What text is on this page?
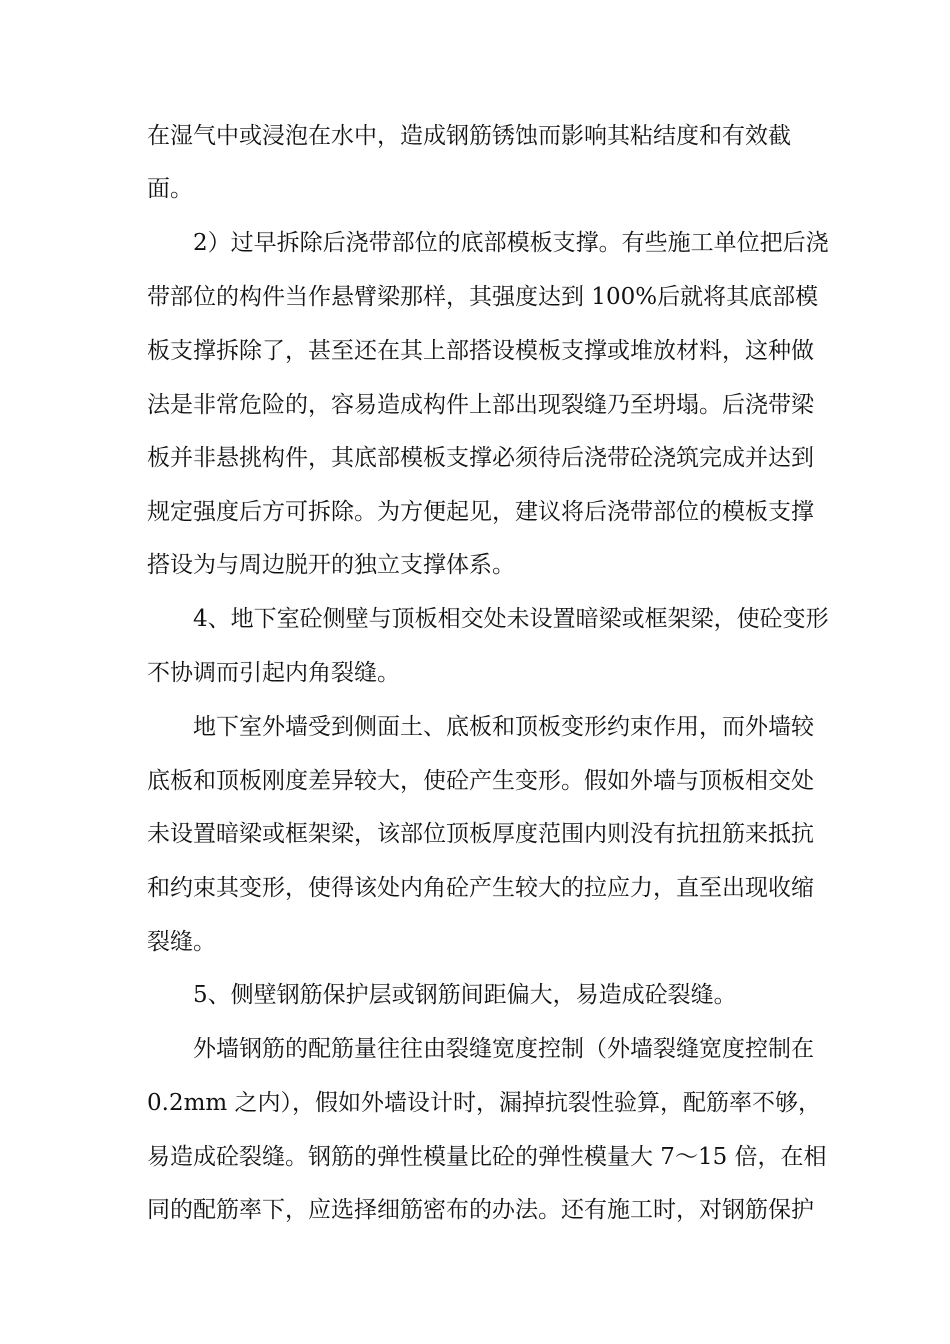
在湿气中或浸泡在水中，造成钢筋锈蚀而影响其粘结度和有效截
面。
2）过早拆除后浇带部位的底部模板支撑。有些施工单位把后浇
带部位的构件当作悬臂梁那样，其强度达到 100%后就将其底部模
板支撑拆除了，甚至还在其上部搭设模板支撑或堆放材料，这种做
法是非常危险的，容易造成构件上部出现裂缝乃至坍塌。后浇带梁
板并非悬挑构件，其底部模板支撑必须待后浇带砼浇筑完成并达到
规定强度后方可拆除。为方便起见，建议将后浇带部位的模板支撑
搭设为与周边脱开的独立支撑体系。
4、地下室砼侧壁与顶板相交处未设置暗梁或框架梁，使砼变形
不协调而引起内角裂缝。
地下室外墙受到侧面土、底板和顶板变形约束作用，而外墙较
底板和顶板刚度差异较大，使砼产生变形。假如外墙与顶板相交处
未设置暗梁或框架梁，该部位顶板厚度范围内则没有抗扭筋来抵抗
和约束其变形，使得该处内角砼产生较大的拉应力，直至出现收缩
裂缝。
5、侧壁钢筋保护层或钢筋间距偏大，易造成砼裂缝。
外墙钢筋的配筋量往往由裂缝宽度控制（外墙裂缝宽度控制在
0.2mm 之内），假如外墙设计时，漏掉抗裂性验算，配筋率不够，
易造成砼裂缝。钢筋的弹性模量比砼的弹性模量大 7～15 倍，在相
同的配筋率下，应选择细筋密布的办法。还有施工时，对钢筋保护
